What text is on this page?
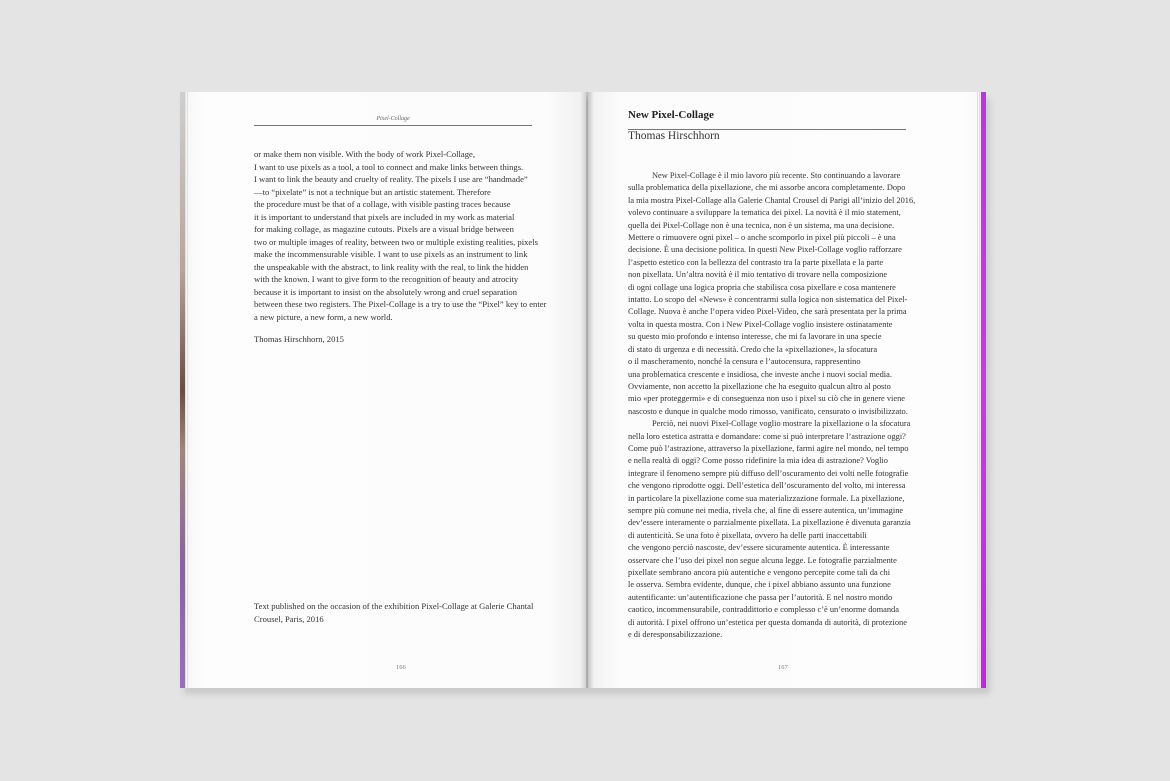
Pixel-Collage

or make them non visible. With the body of work Pixel-Collage,

I want to use pixels as a tool, a tool to connect and make links between things.

I want to link the beauty and cruelty of reality. The pixels I use are “handmade”

—to “pixelate” is not a technique but an artistic statement. Therefore

the procedure must be that of a collage, with visible pasting traces because

it is important to understand that pixels are included in my work as material

for making collage, as magazine cutouts. Pixels are a visual bridge between

two or multiple images of reality, between two or multiple existing realities, pixels

make the incommensurable visible. I want to use pixels as an instrument to link

the unspeakable with the abstract, to link reality with the real, to link the hidden

with the known. I want to give form to the recognition of beauty and atrocity

because it is important to insist on the absolutely wrong and cruel separation

between these two registers. The Pixel-Collage is a try to use the “Pixel” key to enter

a new picture, a new form, a new world.

Thomas Hirschhorn, 2015
Text published on the occasion of the exhibition Pixel-Collage at Galerie Chantal
Crousel, Paris, 2016
166
New Pixel-Collage
Thomas Hirschhorn

New Pixel-Collage è il mio lavoro più recente. Sto continuando a lavorare

sulla problematica della pixellazione, che mi assorbe ancora completamente. Dopo

la mia mostra Pixel-Collage alla Galerie Chantal Crousel di Parigi all’inizio del 2016,

volevo continuare a sviluppare la tematica dei pixel. La novità è il mio statement,

quella dei Pixel-Collage non è una tecnica, non è un sistema, ma una decisione.

Mettere o rimuovere ogni pixel – o anche scomporlo in pixel più piccoli – è una

decisione. È una decisione politica. In questi New Pixel-Collage voglio rafforzare

l’aspetto estetico con la bellezza del contrasto tra la parte pixellata e la parte

non pixellata. Un’altra novità è il mio tentativo di trovare nella composizione

di ogni collage una logica propria che stabilisca cosa pixellare e cosa mantenere

intatto. Lo scopo del «News» è concentrarmi sulla logica non sistematica del Pixel-

Collage. Nuova è anche l’opera video Pixel-Video, che sarà presentata per la prima

volta in questa mostra. Con i New Pixel-Collage voglio insistere ostinatamente

su questo mio profondo e intenso interesse, che mi fa lavorare in una specie

di stato di urgenza e di necessità. Credo che la «pixellazione», la sfocatura

o il mascheramento, nonché la censura e l’autocensura, rappresentino

una problematica crescente e insidiosa, che investe anche i nuovi social media.

Ovviamente, non accetto la pixellazione che ha eseguito qualcun altro al posto

mio «per proteggermi» e di conseguenza non uso i pixel su ciò che in genere viene

nascosto e dunque in qualche modo rimosso, vanificato, censurato o invisibilizzato.

Perciò, nei nuovi Pixel-Collage voglio mostrare la pixellazione o la sfocatura

nella loro estetica astratta e domandare: come si può interpretare l’astrazione oggi?

Come può l’astrazione, attraverso la pixellazione, farmi agire nel mondo, nel tempo

e nella realtà di oggi? Come posso ridefinire la mia idea di astrazione? Voglio

integrare il fenomeno sempre più diffuso dell’oscuramento dei volti nelle fotografie

che vengono riprodotte oggi. Dell’estetica dell’oscuramento del volto, mi interessa

in particolare la pixellazione come sua materializzazione formale. La pixellazione,

sempre più comune nei media, rivela che, al fine di essere autentica, un’immagine

dev’essere interamente o parzialmente pixellata. La pixellazione è divenuta garanzia

di autenticità. Se una foto è pixellata, ovvero ha delle parti inaccettabili

che vengono perciò nascoste, dev’essere sicuramente autentica. È interessante

osservare che l’uso dei pixel non segue alcuna legge. Le fotografie parzialmente

pixellate sembrano ancora più autentiche e vengono percepite come tali da chi

le osserva. Sembra evidente, dunque, che i pixel abbiano assunto una funzione

autentificante: un’autentificazione che passa per l’autorità. E nel nostro mondo

caotico, incommensurabile, contraddittorio e complesso c’è un’enorme domanda

di autorità. I pixel offrono un’estetica per questa domanda di autorità, di protezione

e di deresponsabilizzazione.

167
